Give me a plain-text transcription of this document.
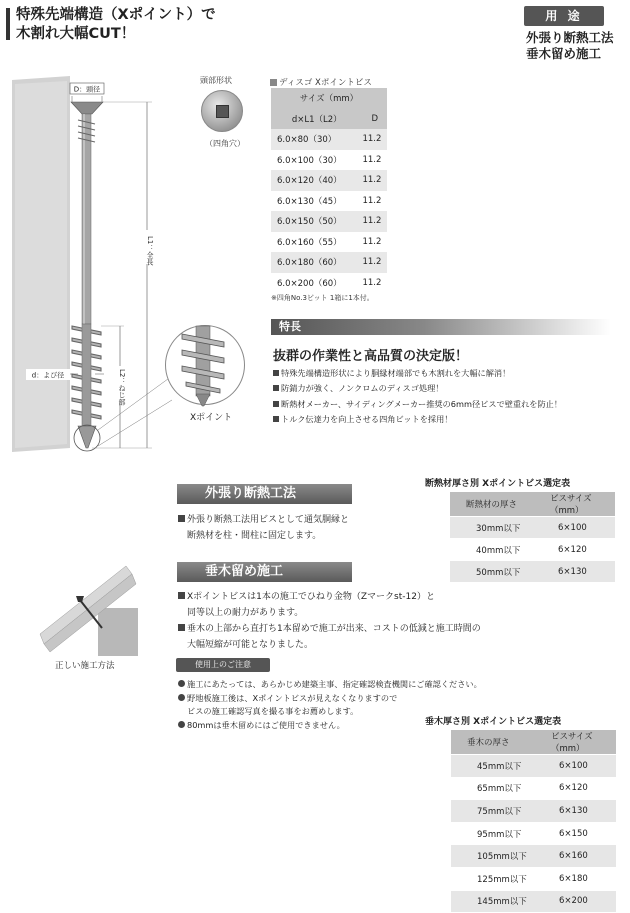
特殊先端構造（Xポイント）で
木割れ大幅CUT！
用 途
外張り断熱工法
垂木留め施工
D：頭径
L1：全長
L2：ねじ部
d：よび径
頭部形状
（四角穴）
Xポイント
ディスゴ Xポイントビス
サイズ（mm）	
d×L1（L2）	D
6.0×80（30）	11.2
6.0×100（30）	11.2
6.0×120（40）	11.2
6.0×130（45）	11.2
6.0×150（50）	11.2
6.0×160（55）	11.2
6.0×180（60）	11.2
6.0×200（60）	11.2
※四角No.3ビット 1箱に1本付。
特長
抜群の作業性と高品質の決定版！
特殊先端構造形状により胴縁材端部でも木割れを大幅に解消！
防錆力が強く、ノンクロムのディスゴ処理！
断熱材メーカー、サイディングメーカー推奨の6mm径ビスで壁重れを防止！
トルク伝達力を向上させる四角ビットを採用！
外張り断熱工法
外張り断熱工法用ビスとして通気胴縁と
断熱材を柱・間柱に固定します。
垂木留め施工
Xポイントビスは1本の施工でひねり金物（Zマークst-12）と
同等以上の耐力があります。
垂木の上部から直打ち1本留めで施工が出来、コストの低減と施工時間の
大幅短縮が可能となりました。
正しい施工方法	使用上のご注意
施工にあたっては、あらかじめ建築主事、指定確認検査機関にご確認ください。
野地板施工後は、Xポイントビスが見えなくなりますので
ビスの施工確認写真を撮る事をお薦めします。
80mmは垂木留めにはご使用できません。
断熱材厚さ別 Xポイントビス選定表
断熱材の厚さ	ビスサイズ（mm）
30mm以下	6×100
40mm以下	6×120
50mm以下	6×130
垂木厚さ別 Xポイントビス選定表
垂木の厚さ	ビスサイズ（mm）
45mm以下	6×100
65mm以下	6×120
75mm以下	6×130
95mm以下	6×150
105mm以下	6×160
125mm以下	6×180
145mm以下	6×200
